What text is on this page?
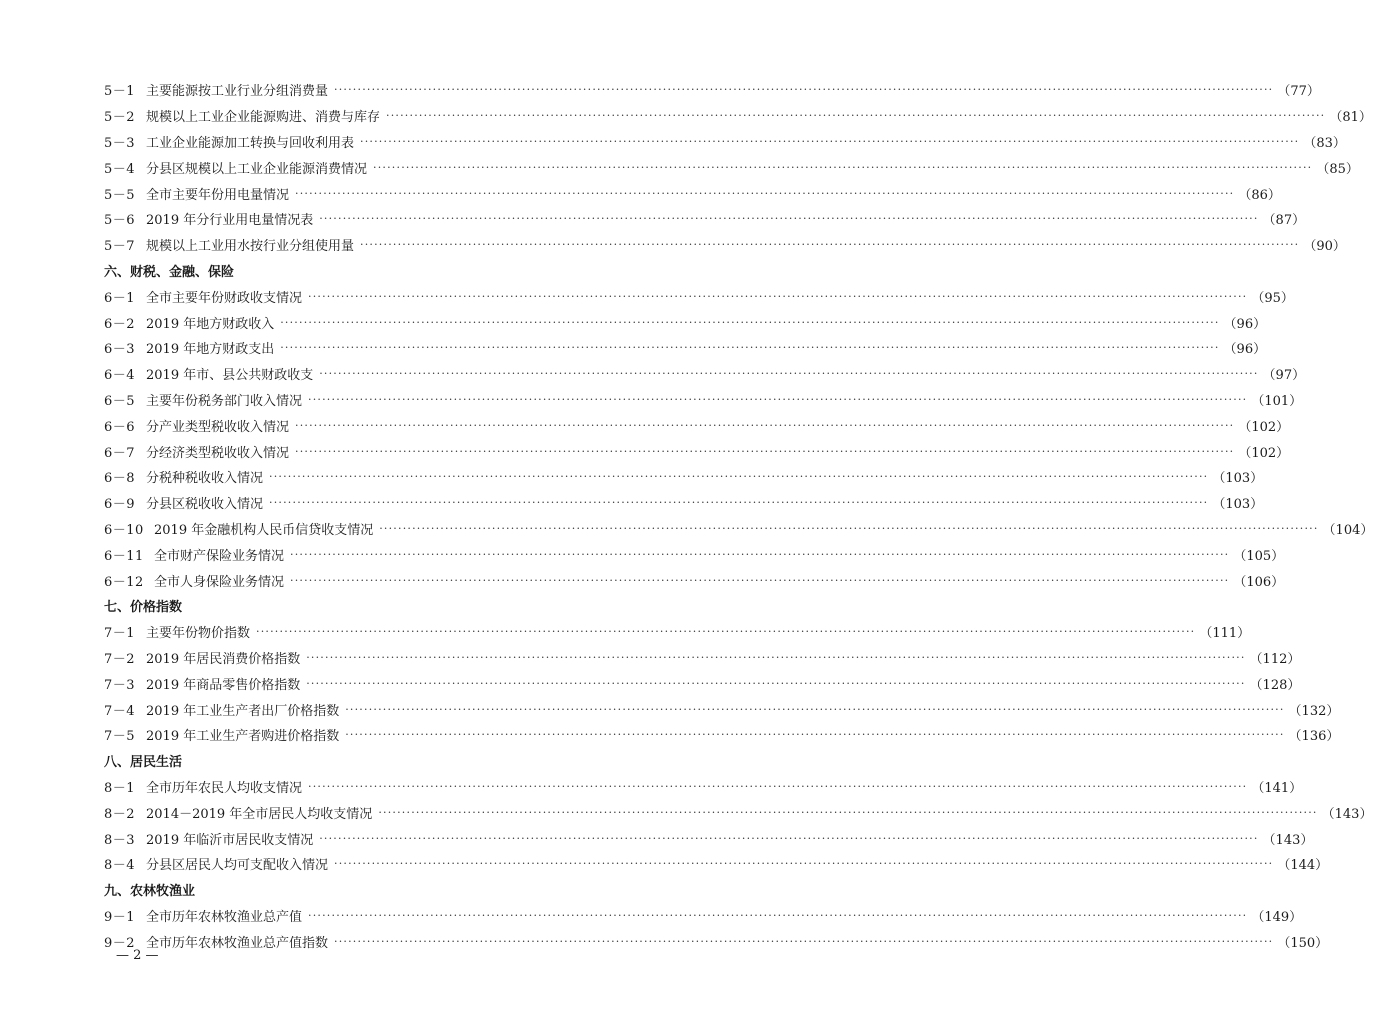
5－1 主要能源按工业行业分组消费量 ········································································································································································································ （77）
5－2 规模以上工业企业能源购进、消费与库存 ········································································································································································································ （81）
5－3 工业企业能源加工转换与回收利用表 ········································································································································································································ （83）
5－4 分县区规模以上工业企业能源消费情况 ········································································································································································································ （85）
5－5 全市主要年份用电量情况 ········································································································································································································ （86）
5－6 2019 年分行业用电量情况表 ········································································································································································································ （87）
5－7 规模以上工业用水按行业分组使用量 ········································································································································································································ （90）
六、财税、金融、保险
6－1 全市主要年份财政收支情况 ········································································································································································································ （95）
6－2 2019 年地方财政收入 ········································································································································································································ （96）
6－3 2019 年地方财政支出 ········································································································································································································ （96）
6－4 2019 年市、县公共财政收支 ········································································································································································································ （97）
6－5 主要年份税务部门收入情况 ········································································································································································································ （101）
6－6 分产业类型税收收入情况 ········································································································································································································ （102）
6－7 分经济类型税收收入情况 ········································································································································································································ （102）
6－8 分税种税收收入情况 ········································································································································································································ （103）
6－9 分县区税收收入情况 ········································································································································································································ （103）
6－10 2019 年金融机构人民币信贷收支情况 ········································································································································································································ （104）
6－11 全市财产保险业务情况 ········································································································································································································ （105）
6－12 全市人身保险业务情况 ········································································································································································································ （106）
七、价格指数
7－1 主要年份物价指数 ········································································································································································································ （111）
7－2 2019 年居民消费价格指数 ········································································································································································································ （112）
7－3 2019 年商品零售价格指数 ········································································································································································································ （128）
7－4 2019 年工业生产者出厂价格指数 ········································································································································································································ （132）
7－5 2019 年工业生产者购进价格指数 ········································································································································································································ （136）
八、居民生活
8－1 全市历年农民人均收支情况 ········································································································································································································ （141）
8－2 2014－2019 年全市居民人均收支情况 ········································································································································································································ （143）
8－3 2019 年临沂市居民收支情况 ········································································································································································································ （143）
8－4 分县区居民人均可支配收入情况 ········································································································································································································ （144）
九、农林牧渔业
9－1 全市历年农林牧渔业总产值 ········································································································································································································ （149）
9－2 全市历年农林牧渔业总产值指数 ········································································································································································································ （150）
— 2 —
